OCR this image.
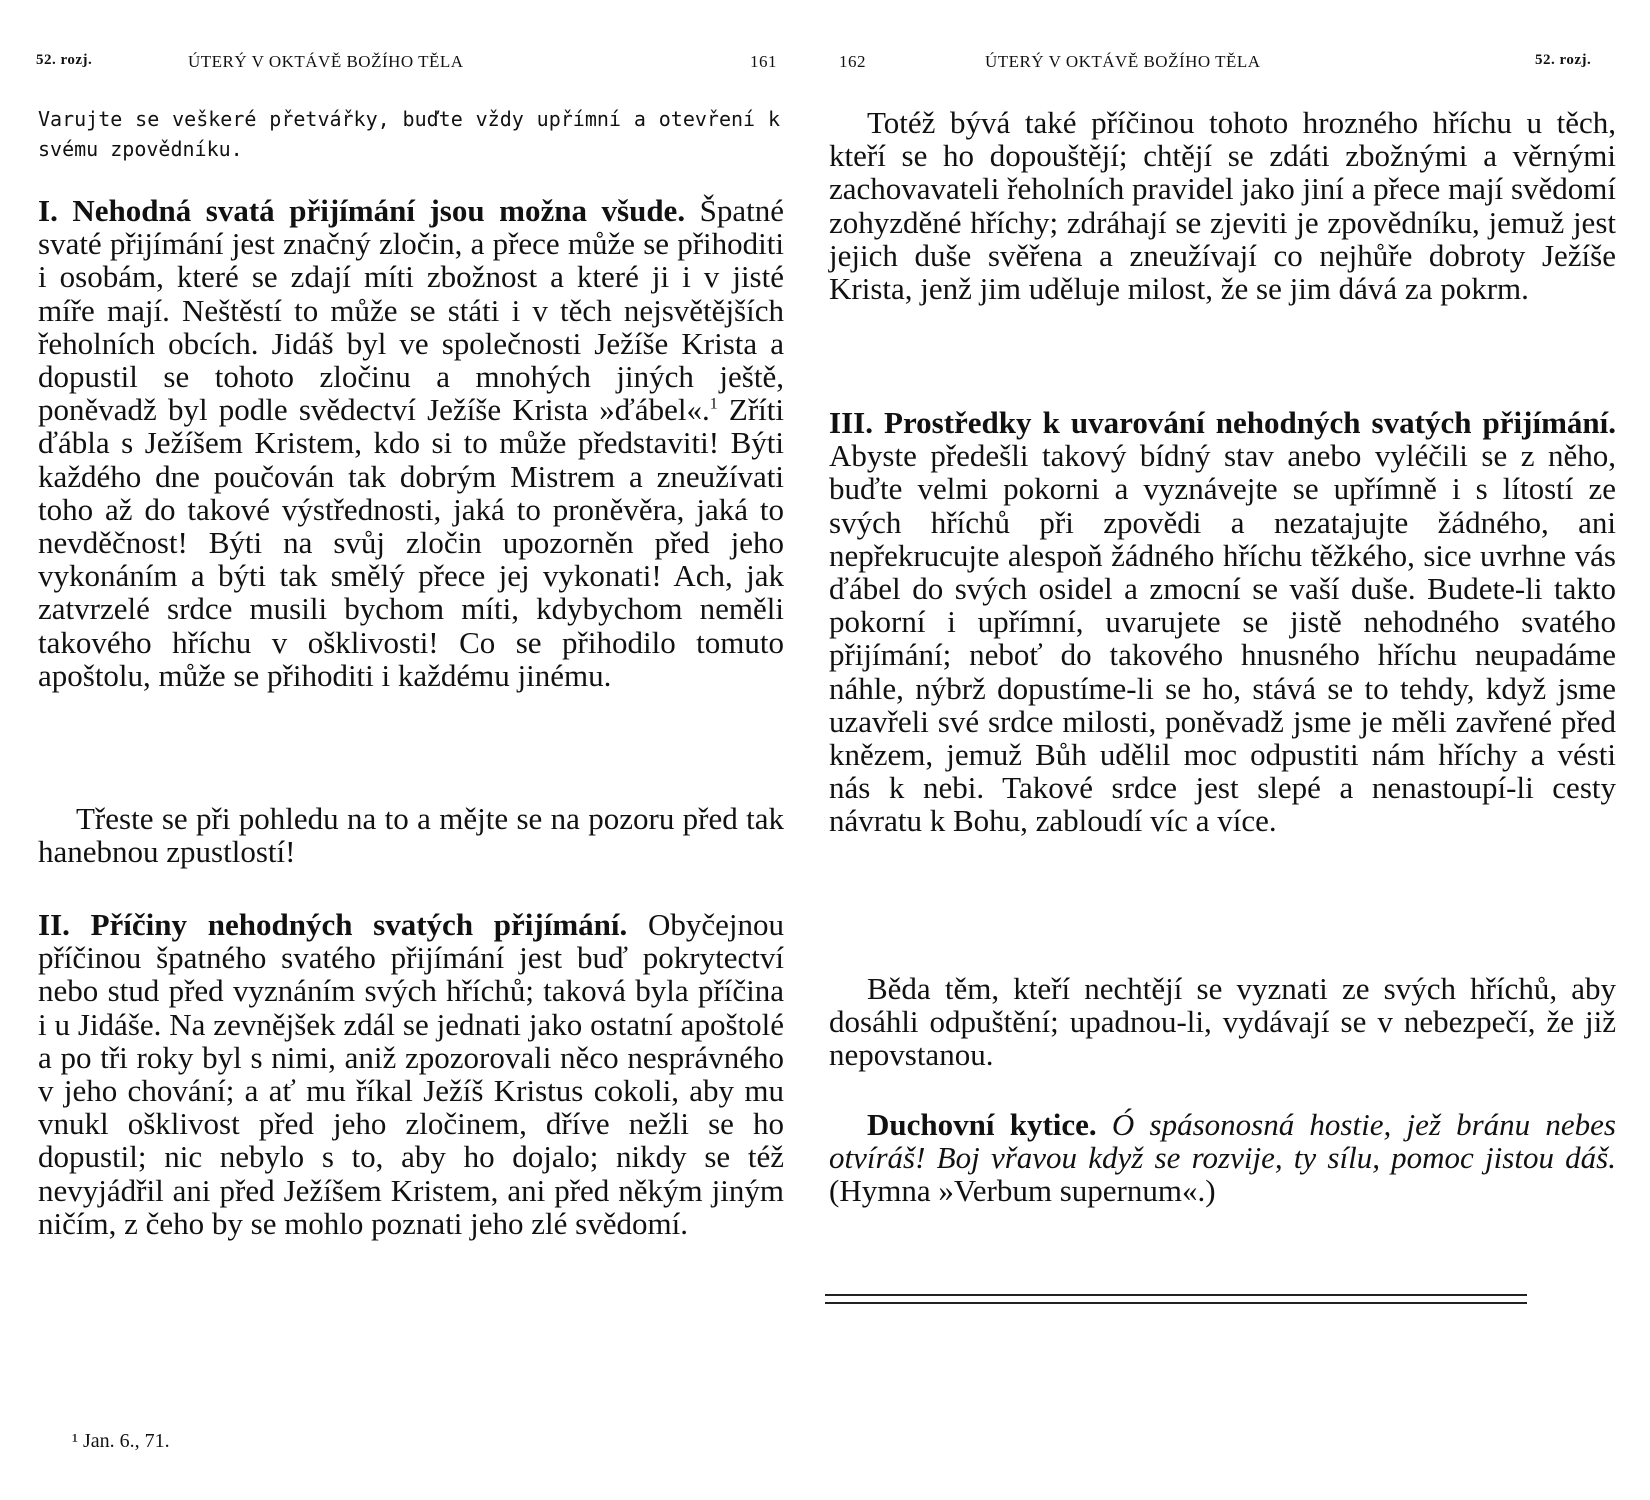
52. rozj.	ÚTERÝ V OKTÁVĚ BOŽÍHO TĚLA	161

Varujte se veškeré přetvářky, buďte vždy upřímní a otevření k svému zpovědníku.

I. Nehodná svatá přijímání jsou možna všude. Špatné svaté přijímání jest značný zločin, a přece může se přihoditi i osobám, které se zdají míti zbožnost a které ji i v jisté míře mají. Neštěstí to může se státi i v těch nejsvětějších řeholních obcích. Jidáš byl ve společnosti Ježíše Krista a dopustil se tohoto zločinu a mnohých jiných ještě, poněvadž byl podle svědectví Ježíše Krista »ďábel«.$^1$ Zříti ďábla s Ježíšem Kristem, kdo si to může představiti! Býti každého dne poučován tak dobrým Mistrem a zneužívati toho až do takové výstřednosti, jaká to proněvěra, jaká to nevděčnost! Býti na svůj zločin upozorněn před jeho vykonáním a býti tak smělý přece jej vykonati! Ach, jak zatvrzelé srdce musili bychom míti, kdybychom neměli takového hříchu v ošklivosti! Co se přihodilo tomuto apoštolu, může se přihoditi i každému jinému.

Třeste se při pohledu na to a mějte se na pozoru před tak hanebnou zpustlostí!

II. Příčiny nehodných svatých přijímání. Obyčejnou příčinou špatného svatého přijímání jest buď pokrytectví nebo stud před vyznáním svých hříchů; taková byla příčina i u Jidáše. Na zevnějšek zdál se jednati jako ostatní apoštolé a po tři roky byl s nimi, aniž zpozorovali něco nesprávného v jeho chování; a ať mu říkal Ježíš Kristus cokoli, aby mu vnukl ošklivost před jeho zločinem, dříve nežli se ho dopustil; nic nebylo s to, aby ho dojalo; nikdy se též nevyjádřil ani před Ježíšem Kristem, ani před někým jiným ničím, z čeho by se mohlo poznati jeho zlé svědomí.

¹ Jan. 6., 71.
162	ÚTERÝ V OKTÁVĚ BOŽÍHO TĚLA	52. rozj.

Totéž bývá také příčinou tohoto hrozného hříchu u těch, kteří se ho dopouštějí; chtějí se zdáti zbožnými a věrnými zachovavateli řeholních pravidel jako jiní a přece mají svědomí zohyzděné hříchy; zdráhají se zjeviti je zpovědníku, jemuž jest jejich duše svěřena a zneužívají co nejhůře dobroty Ježíše Krista, jenž jim uděluje milost, že se jim dává za pokrm.

III. Prostředky k uvarování nehodných svatých přijímání. Abyste předešli takový bídný stav anebo vyléčili se z něho, buďte velmi pokorni a vyznávejte se upřímně i s lítostí ze svých hříchů při zpovědi a nezatajujte žádného, ani nepřekrucujte alespoň žádného hříchu těžkého, sice uvrhne vás ďábel do svých osidel a zmocní se vaší duše. Budete-li takto pokorní i upřímní, uvarujete se jistě nehodného svatého přijímání; neboť do takového hnusného hříchu neupadáme náhle, nýbrž dopustíme-li se ho, stává se to tehdy, když jsme uzavřeli své srdce milosti, poněvadž jsme je měli zavřené před knězem, jemuž Bůh udělil moc odpustiti nám hříchy a vésti nás k nebi. Takové srdce jest slepé a nenastoupí-li cesty návratu k Bohu, zabloudí víc a více.

Běda těm, kteří nechtějí se vyznati ze svých hříchů, aby dosáhli odpuštění; upadnou-li, vydávají se v nebezpečí, že již nepovstanou.

Duchovní kytice. Ó spásonosná hostie, jež bránu nebes otvíráš! Boj vřavou když se rozvije, ty sílu, pomoc jistou dáš. (Hymna »Verbum supernum«.)
